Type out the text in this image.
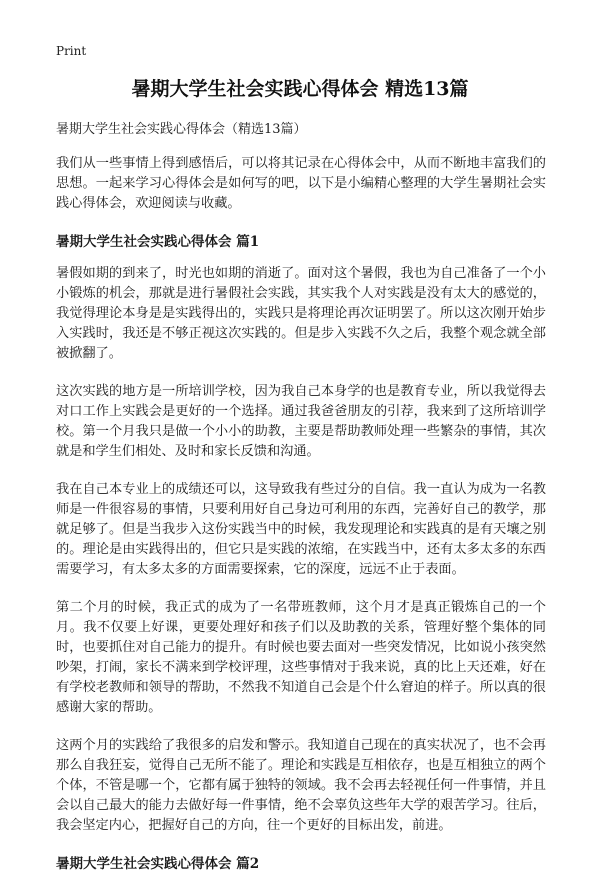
Print
暑期大学生社会实践心得体会 精选13篇

暑期大学生社会实践心得体会（精选13篇）

我们从一些事情上得到感悟后，可以将其记录在心得体会中，从而不断地丰富我们的思想。一起来学习心得体会是如何写的吧，以下是小编精心整理的大学生暑期社会实践心得体会，欢迎阅读与收藏。

暑期大学生社会实践心得体会 篇1

暑假如期的到来了，时光也如期的消逝了。面对这个暑假，我也为自己准备了一个小小锻炼的机会，那就是进行暑假社会实践，其实我个人对实践是没有太大的感觉的，我觉得理论本身是是实践得出的，实践只是将理论再次证明罢了。所以这次刚开始步入实践时，我还是不够正视这次实践的。但是步入实践不久之后，我整个观念就全部被掀翻了。

这次实践的地方是一所培训学校，因为我自己本身学的也是教育专业，所以我觉得去对口工作上实践会是更好的一个选择。通过我爸爸朋友的引荐，我来到了这所培训学校。第一个月我只是做一个小小的助教，主要是帮助教师处理一些繁杂的事情，其次就是和学生们相处、及时和家长反馈和沟通。

我在自己本专业上的成绩还可以，这导致我有些过分的自信。我一直认为成为一名教师是一件很容易的事情，只要利用好自己身边可利用的东西，完善好自己的教学，那就足够了。但是当我步入这份实践当中的时候，我发现理论和实践真的是有天壤之别的。理论是由实践得出的，但它只是实践的浓缩，在实践当中，还有太多太多的东西需要学习，有太多太多的方面需要探索，它的深度，远远不止于表面。

第二个月的时候，我正式的成为了一名带班教师，这个月才是真正锻炼自己的一个月。我不仅要上好课，更要处理好和孩子们以及助教的关系，管理好整个集体的同时，也要抓住对自己能力的提升。有时候也要去面对一些突发情况，比如说小孩突然吵架，打闹，家长不满来到学校评理，这些事情对于我来说，真的比上天还难，好在有学校老教师和领导的帮助，不然我不知道自己会是个什么窘迫的样子。所以真的很感谢大家的帮助。

这两个月的实践给了我很多的启发和警示。我知道自己现在的真实状况了，也不会再那么自我狂妄，觉得自己无所不能了。理论和实践是互相依存，也是互相独立的两个个体，不管是哪一个，它都有属于独特的领域。我不会再去轻视任何一件事情，并且会以自己最大的能力去做好每一件事情，绝不会辜负这些年大学的艰苦学习。往后，我会坚定内心，把握好自己的方向，往一个更好的目标出发，前进。

暑期大学生社会实践心得体会 篇2
